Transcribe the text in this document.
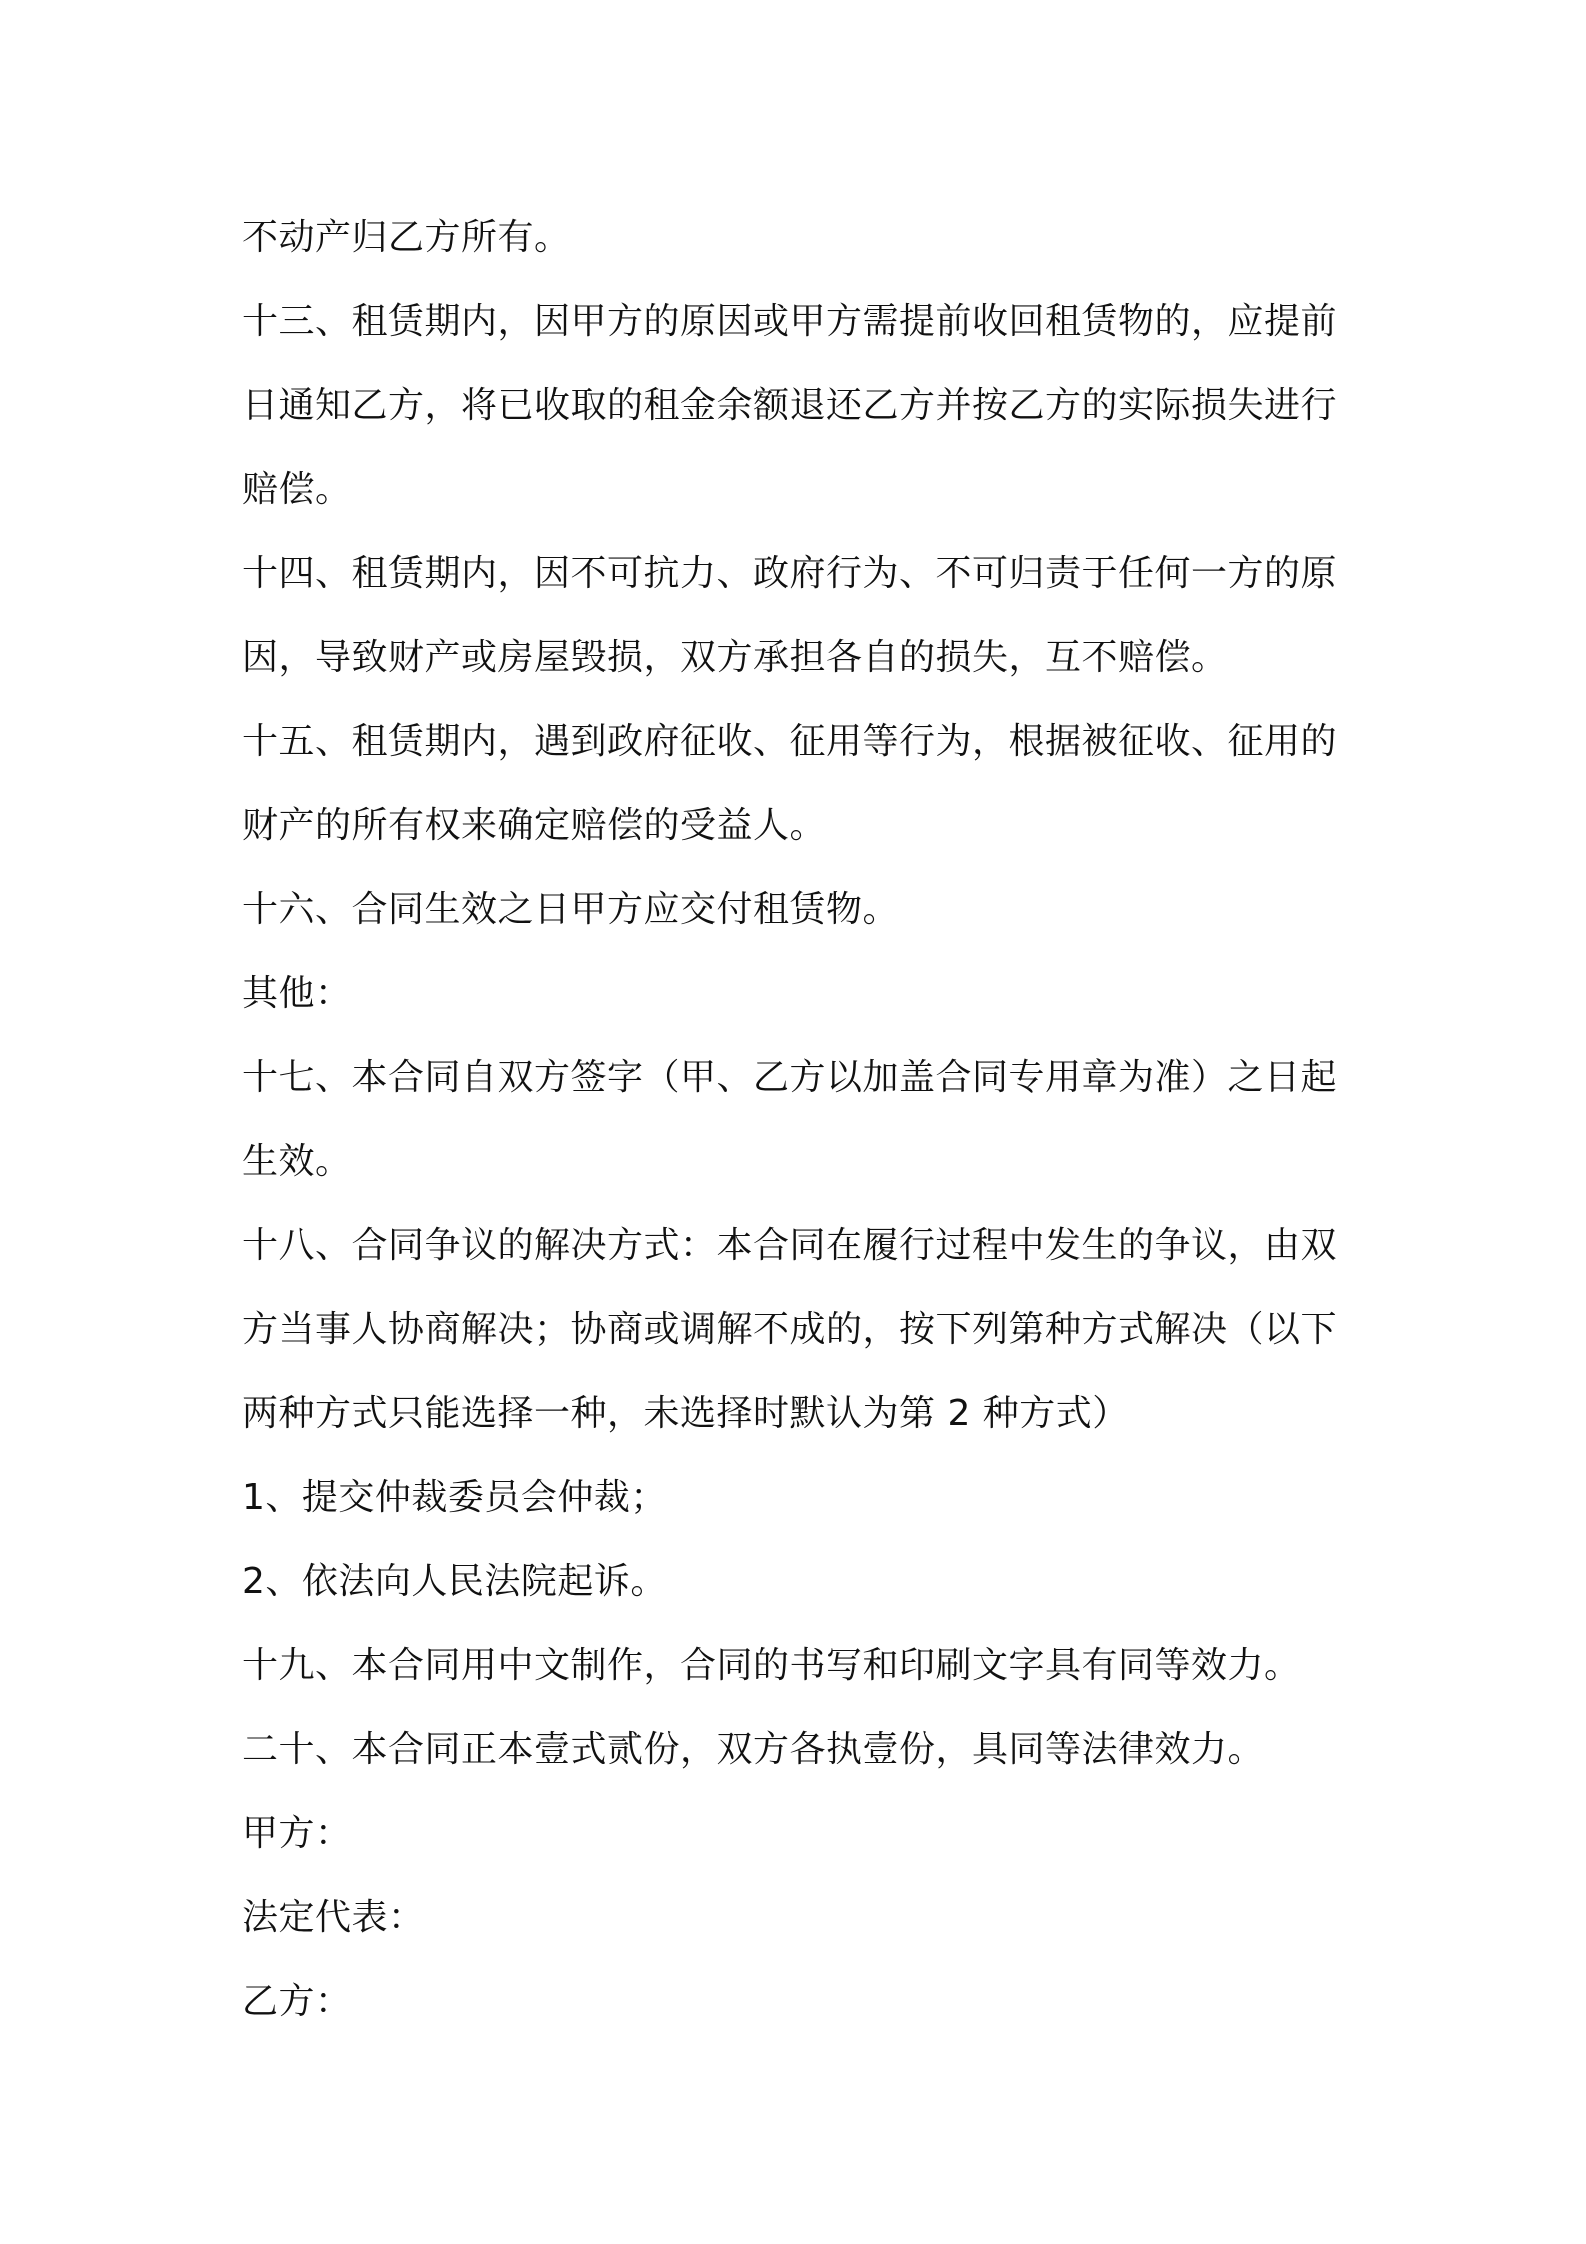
不动产归乙方所有。
十三、租赁期内，因甲方的原因或甲方需提前收回租赁物的，应提前
日通知乙方，将已收取的租金余额退还乙方并按乙方的实际损失进行
赔偿。
十四、租赁期内，因不可抗力、政府行为、不可归责于任何一方的原
因，导致财产或房屋毁损，双方承担各自的损失，互不赔偿。
十五、租赁期内，遇到政府征收、征用等行为，根据被征收、征用的
财产的所有权来确定赔偿的受益人。
十六、合同生效之日甲方应交付租赁物。
其他：
十七、本合同自双方签字（甲、乙方以加盖合同专用章为准）之日起
生效。
十八、合同争议的解决方式：本合同在履行过程中发生的争议，由双
方当事人协商解决；协商或调解不成的，按下列第种方式解决（以下
两种方式只能选择一种，未选择时默认为第 2 种方式）
1、提交仲裁委员会仲裁；
2、依法向人民法院起诉。
十九、本合同用中文制作，合同的书写和印刷文字具有同等效力。
二十、本合同正本壹式贰份，双方各执壹份，具同等法律效力。
甲方：
法定代表：
乙方：
